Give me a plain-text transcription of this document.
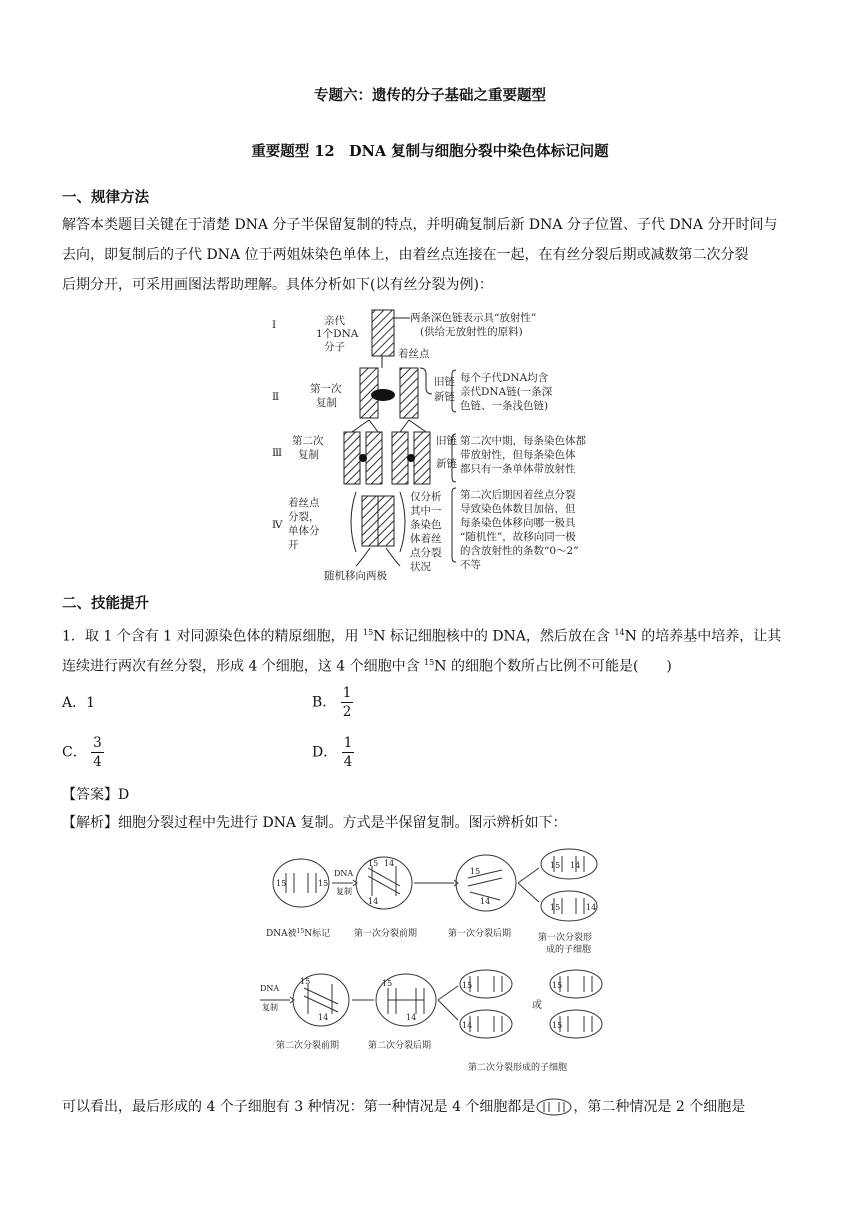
专题六：遗传的分子基础之重要题型
重要题型 12　DNA 复制与细胞分裂中染色体标记问题
一、规律方法
解答本类题目关键在于清楚 DNA 分子半保留复制的特点，并明确复制后新 DNA 分子位置、子代 DNA 分开时间与
去向，即复制后的子代 DNA 位于两姐妹染色单体上，由着丝点连接在一起，在有丝分裂后期或减数第二次分裂
后期分开，可采用画图法帮助理解。具体分析如下(以有丝分裂为例)：
Ⅰ
Ⅱ
Ⅲ
Ⅳ
亲代
1个DNA
分子
两条深色链表示具“放射性”
(供给无放射性的原料)
着丝点
第一次
复制
旧链
新链
每个子代DNA均含
亲代DNA链(一条深
色链、一条浅色链)
第二次
复制
旧链
新链
第二次中期，每条染色体都
带放射性，但每条染色体
都只有一条单体带放射性
着丝点
分裂，
单体分
开
随机移向两极
仅分析
其中一
条染色
体着丝
点分裂
状况
第二次后期因着丝点分裂
导致染色体数目加倍，但
每条染色体移向哪一极具
“随机性”，故移向同一极
的含放射性的条数“0～2”
不等
二、技能提升
1．取 1 个含有 1 对同源染色体的精原细胞，用 $^{15}$N 标记细胞核中的 DNA，然后放在含 $^{14}$N 的培养基中培养，让其
连续进行两次有丝分裂，形成 4 个细胞，这 4 个细胞中含 $^{15}$N 的细胞个数所占比例不可能是(　　)
A．1	B． $\frac{1}{2}$
C． $\frac{3}{4}$	D． $\frac{1}{4}$
【答案】D
【解析】细胞分裂过程中先进行 DNA 复制。方式是半保留复制。图示辨析如下：
15	15
DNA
复制
15 14
14
15
14
15 14
15	14
DNA
复制
15
14
15
14
15
14
15
15
或
DNA被$^{15}$N标记	第一次分裂前期	第一次分裂后期	第一次分裂形
成的子细胞
第二次分裂前期	第二次分裂后期
第二次分裂形成的子细胞
可以看出，最后形成的 4 个子细胞有 3 种情况：第一种情况是 4 个细胞都是	，第二种情况是 2 个细胞是
